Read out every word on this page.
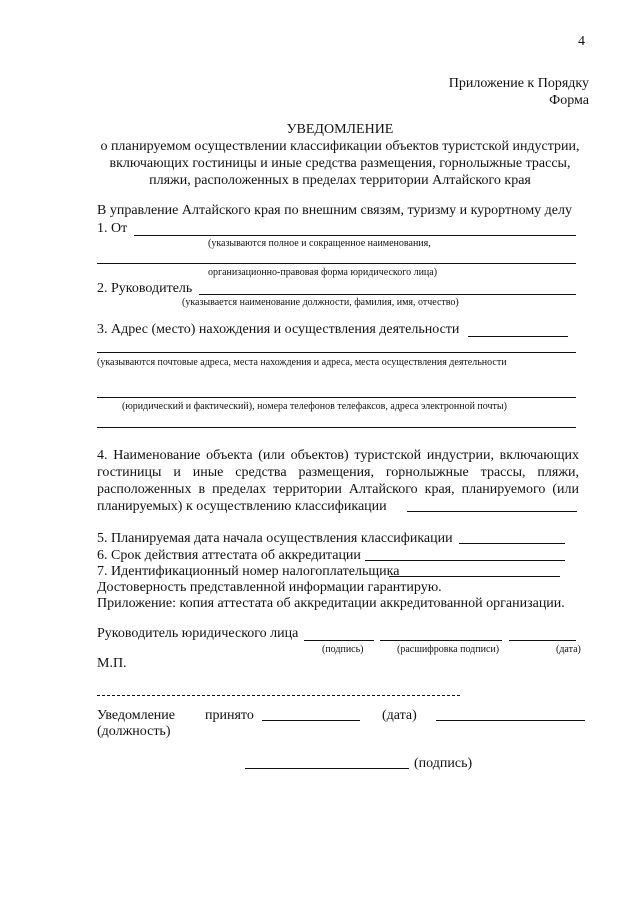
4
Приложение к Порядку
Форма
УВЕДОМЛЕНИЕ
о планируемом осуществлении классификации объектов туристской индустрии,
включающих гостиницы и иные средства размещения, горнолыжные трассы,
пляжи, расположенных в пределах территории Алтайского края
В управление Алтайского края по внешним связям, туризму и курортному делу
1. От
(указываются полное и сокращенное наименования,
организационно-правовая форма юридического лица)
2. Руководитель
(указывается наименование должности, фамилия, имя, отчество)
3. Адрес (место) нахождения и осуществления деятельности
(указываются почтовые адреса, места нахождения и адреса, места осуществления деятельности
(юридический и фактический), номера телефонов телефаксов, адреса электронной почты)
4. Наименование объекта (или объектов) туристской индустрии, включающих
гостиницы и иные средства размещения, горнолыжные трассы, пляжи,
расположенных в пределах территории Алтайского края, планируемого (или
планируемых) к осуществлению классификации
5. Планируемая дата начала осуществления классификации
6. Срок действия аттестата об аккредитации
7. Идентификационный номер налогоплательщика
Достоверность представленной информации гарантирую.
Приложение: копия аттестата об аккредитации аккредитованной организации.
Руководитель юридического лица
(подпись)	(расшифровка подписи)	(дата)
М.П.
Уведомление принято	(дата)
(должность)
(подпись)
